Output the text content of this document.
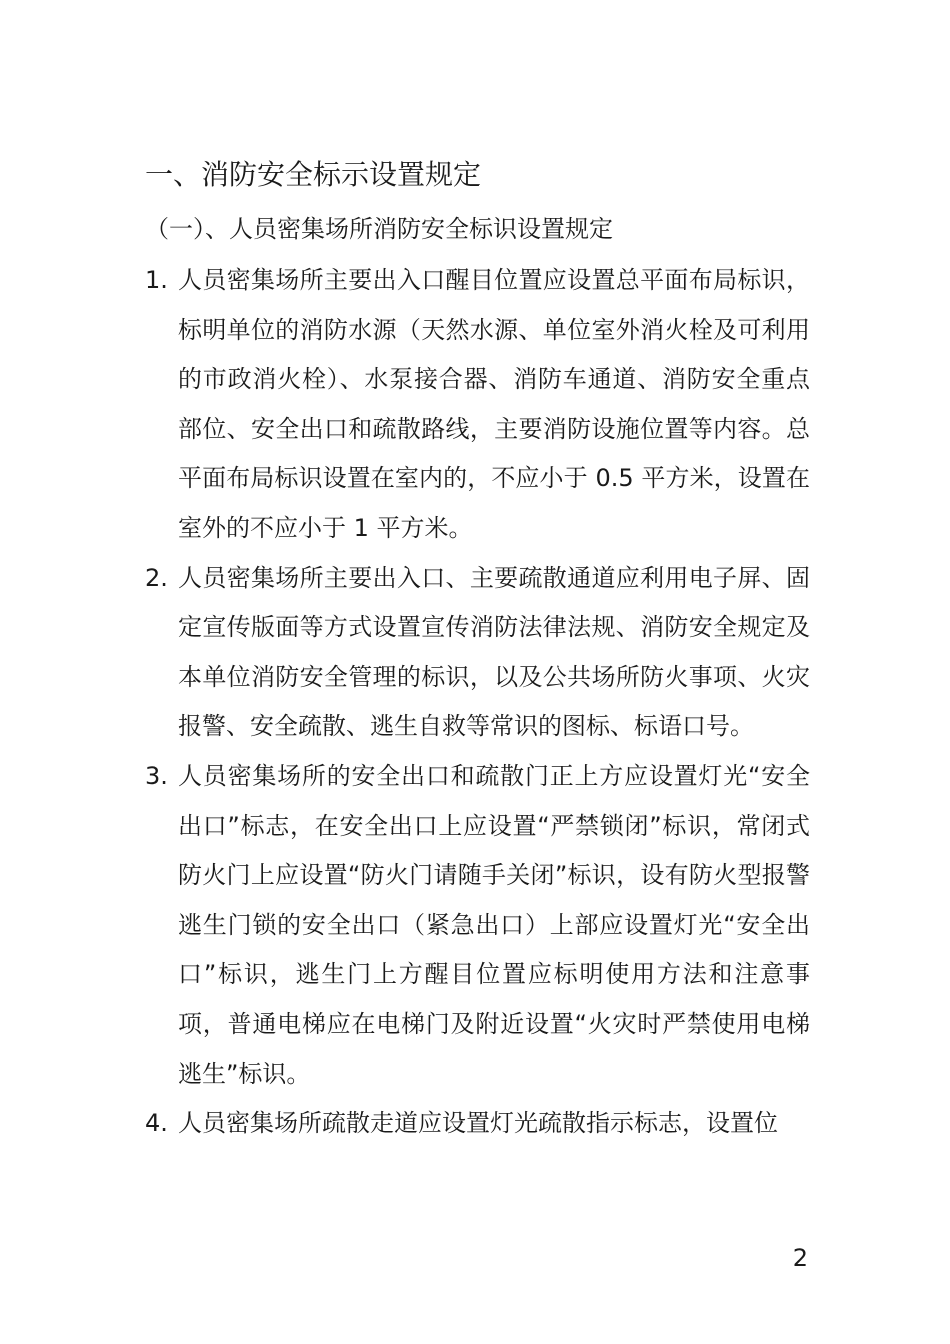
一、消防安全标示设置规定
（一）、人员密集场所消防安全标识设置规定
1. 人员密集场所主要出入口醒目位置应设置总平面布局标识，标明单位的消防水源（天然水源、单位室外消火栓及可利用的市政消火栓）、水泵接合器、消防车通道、消防安全重点部位、安全出口和疏散路线，主要消防设施位置等内容。总平面布局标识设置在室内的，不应小于 0.5 平方米，设置在室外的不应小于 1 平方米。
2. 人员密集场所主要出入口、主要疏散通道应利用电子屏、固定宣传版面等方式设置宣传消防法律法规、消防安全规定及本单位消防安全管理的标识，以及公共场所防火事项、火灾报警、安全疏散、逃生自救等常识的图标、标语口号。
3. 人员密集场所的安全出口和疏散门正上方应设置灯光“安全出口”标志，在安全出口上应设置“严禁锁闭”标识，常闭式防火门上应设置“防火门请随手关闭”标识，设有防火型报警逃生门锁的安全出口（紧急出口）上部应设置灯光“安全出口”标识，逃生门上方醒目位置应标明使用方法和注意事项，普通电梯应在电梯门及附近设置“火灾时严禁使用电梯逃生”标识。
4. 人员密集场所疏散走道应设置灯光疏散指示标志，设置位
2
